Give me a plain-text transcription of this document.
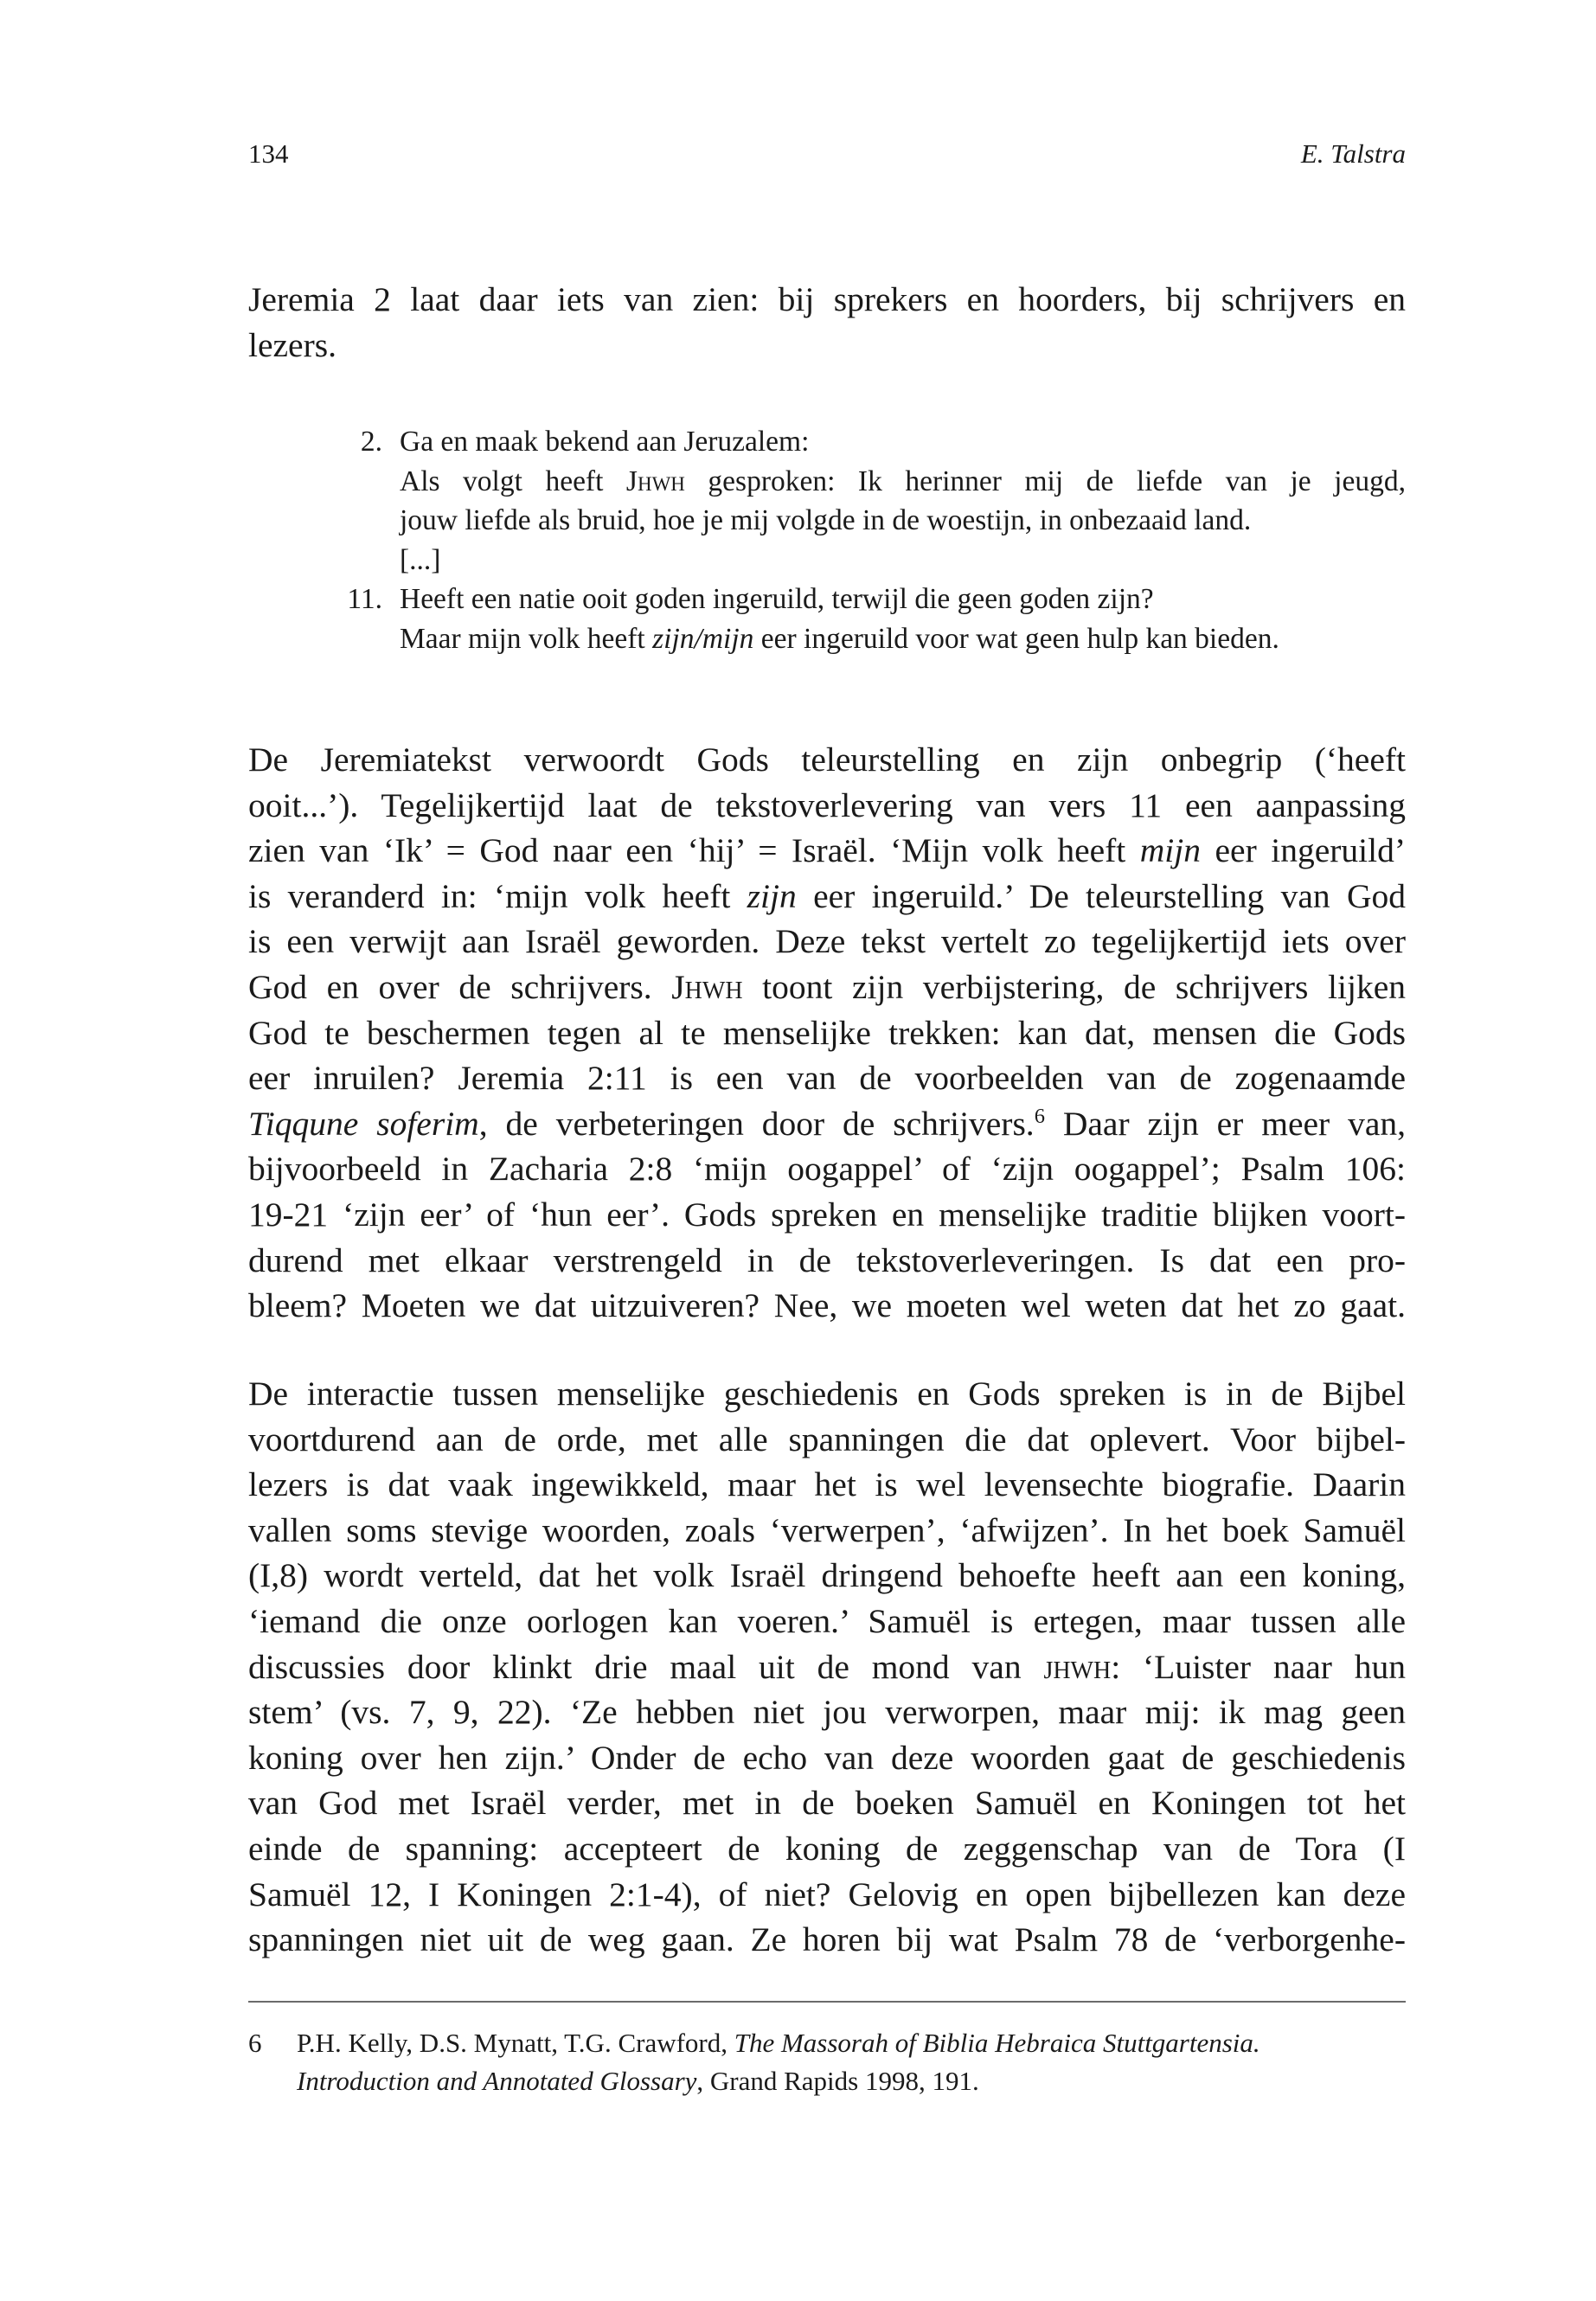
134	E. Talstra
Jeremia 2 laat daar iets van zien: bij sprekers en hoorders, bij schrijvers en
lezers.
2. Ga en maak bekend aan Jeruzalem:
Als volgt heeft Jhwh gesproken: Ik herinner mij de liefde van je jeugd,
jouw liefde als bruid, hoe je mij volgde in de woestijn, in onbezaaid land.
[...]
11. Heeft een natie ooit goden ingeruild, terwijl die geen goden zijn?
Maar mijn volk heeft zijn/mijn eer ingeruild voor wat geen hulp kan bieden.
De Jeremiatekst verwoordt Gods teleurstelling en zijn onbegrip (‘heeft
ooit...’). Tegelijkertijd laat de tekstoverlevering van vers 11 een aanpassing
zien van ‘Ik’ = God naar een ‘hij’ = Israël. ‘Mijn volk heeft mijn eer ingeruild’
is veranderd in: ‘mijn volk heeft zijn eer ingeruild.’ De teleurstelling van God
is een verwijt aan Israël geworden. Deze tekst vertelt zo tegelijkertijd iets over
God en over de schrijvers. Jhwh toont zijn verbijstering, de schrijvers lijken
God te beschermen tegen al te menselijke trekken: kan dat, mensen die Gods
eer inruilen? Jeremia 2:11 is een van de voorbeelden van de zogenaamde
Tiqqune soferim, de verbeteringen door de schrijvers.$^6$ Daar zijn er meer van,
bijvoorbeeld in Zacharia 2:8 ‘mijn oogappel’ of ‘zijn oogappel’; Psalm 106:
19-21 ‘zijn eer’ of ‘hun eer’. Gods spreken en menselijke traditie blijken voort-
durend met elkaar verstrengeld in de tekstoverleveringen. Is dat een pro-
bleem? Moeten we dat uitzuiveren? Nee, we moeten wel weten dat het zo gaat.
De interactie tussen menselijke geschiedenis en Gods spreken is in de Bijbel
voortdurend aan de orde, met alle spanningen die dat oplevert. Voor bijbel-
lezers is dat vaak ingewikkeld, maar het is wel levensechte biografie. Daarin
vallen soms stevige woorden, zoals ‘verwerpen’, ‘afwijzen’. In het boek Samuël
(I,8) wordt verteld, dat het volk Israël dringend behoefte heeft aan een koning,
‘iemand die onze oorlogen kan voeren.’ Samuël is ertegen, maar tussen alle
discussies door klinkt drie maal uit de mond van jhwh: ‘Luister naar hun
stem’ (vs. 7, 9, 22). ‘Ze hebben niet jou verworpen, maar mij: ik mag geen
koning over hen zijn.’ Onder de echo van deze woorden gaat de geschiedenis
van God met Israël verder, met in de boeken Samuël en Koningen tot het
einde de spanning: accepteert de koning de zeggenschap van de Tora (I
Samuël 12, I Koningen 2:1-4), of niet? Gelovig en open bijbellezen kan deze
spanningen niet uit de weg gaan. Ze horen bij wat Psalm 78 de ‘verborgenhe-
6 P.H. Kelly, D.S. Mynatt, T.G. Crawford, The Massorah of Biblia Hebraica Stuttgartensia.
Introduction and Annotated Glossary, Grand Rapids 1998, 191.
